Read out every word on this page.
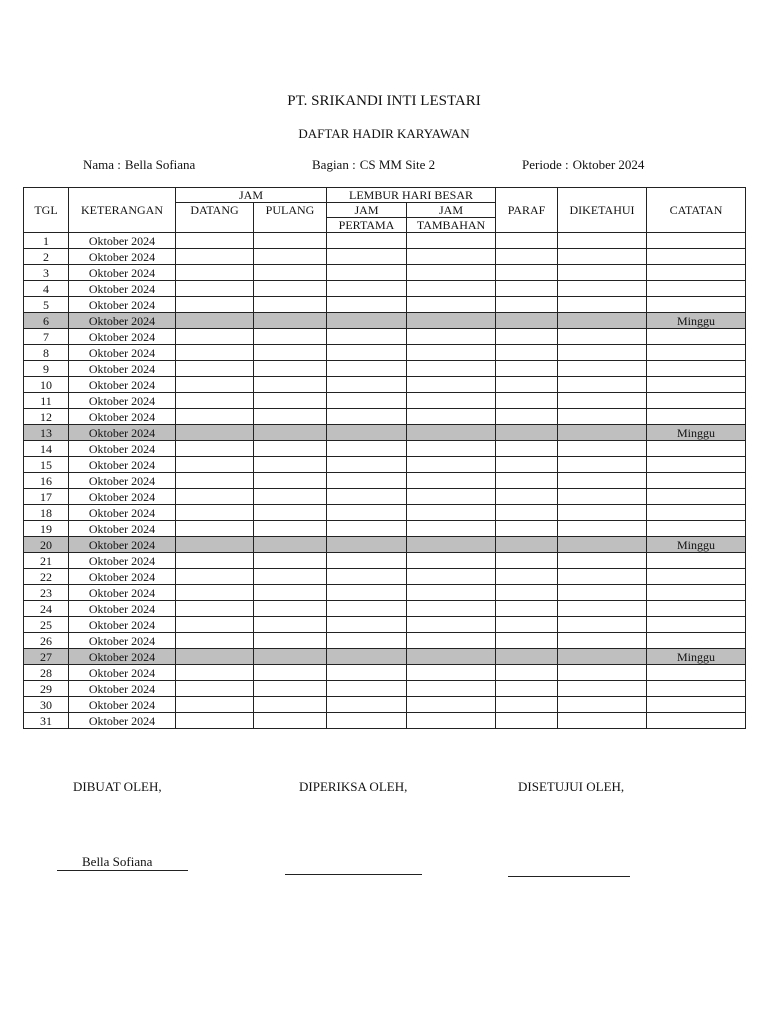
PT. SRIKANDI INTI LESTARI
DAFTAR HADIR KARYAWAN
Nama : Bella Sofiana	Bagian : CS MM Site 2	Periode : Oktober 2024
TGL	KETERANGAN	JAM		LEMBUR HARI BESAR		PARAF	DIKETAHUI	CATATAN
		DATANG	PULANG	JAM	JAM			
				PERTAMA	TAMBAHAN			
1	Oktober 2024							
2	Oktober 2024							
3	Oktober 2024							
4	Oktober 2024							
5	Oktober 2024							
6	Oktober 2024							Minggu
7	Oktober 2024							
8	Oktober 2024							
9	Oktober 2024							
10	Oktober 2024							
11	Oktober 2024							
12	Oktober 2024							
13	Oktober 2024							Minggu
14	Oktober 2024							
15	Oktober 2024							
16	Oktober 2024							
17	Oktober 2024							
18	Oktober 2024							
19	Oktober 2024							
20	Oktober 2024							Minggu
21	Oktober 2024							
22	Oktober 2024							
23	Oktober 2024							
24	Oktober 2024							
25	Oktober 2024							
26	Oktober 2024							
27	Oktober 2024							Minggu
28	Oktober 2024							
29	Oktober 2024							
30	Oktober 2024							
31	Oktober 2024							
DIBUAT OLEH,	DIPERIKSA OLEH,	DISETUJUI OLEH,
Bella Sofiana
